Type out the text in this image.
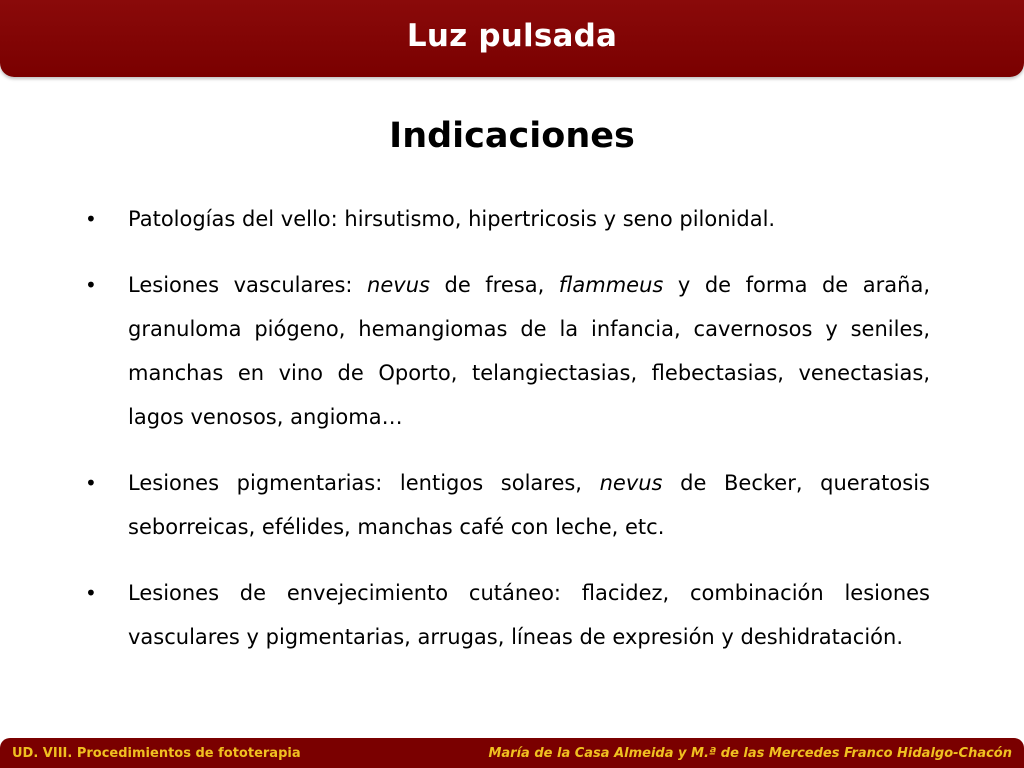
Luz pulsada
Indicaciones
• Patologías del vello: hirsutismo, hipertricosis y seno pilonidal.
• Lesiones vasculares: nevus de fresa, flammeus y de forma de araña, granuloma piógeno, hemangiomas de la infancia, cavernosos y seniles, manchas en vino de Oporto, telangiectasias, flebectasias, venectasias, lagos venosos, angioma…
• Lesiones pigmentarias: lentigos solares, nevus de Becker, queratosis seborreicas, efélides, manchas café con leche, etc.
• Lesiones de envejecimiento cutáneo: flacidez, combinación lesiones vasculares y pigmentarias, arrugas, líneas de expresión y deshidratación.
UD. VIII. Procedimientos de fototerapia	María de la Casa Almeida y M.ª de las Mercedes Franco Hidalgo-Chacón
